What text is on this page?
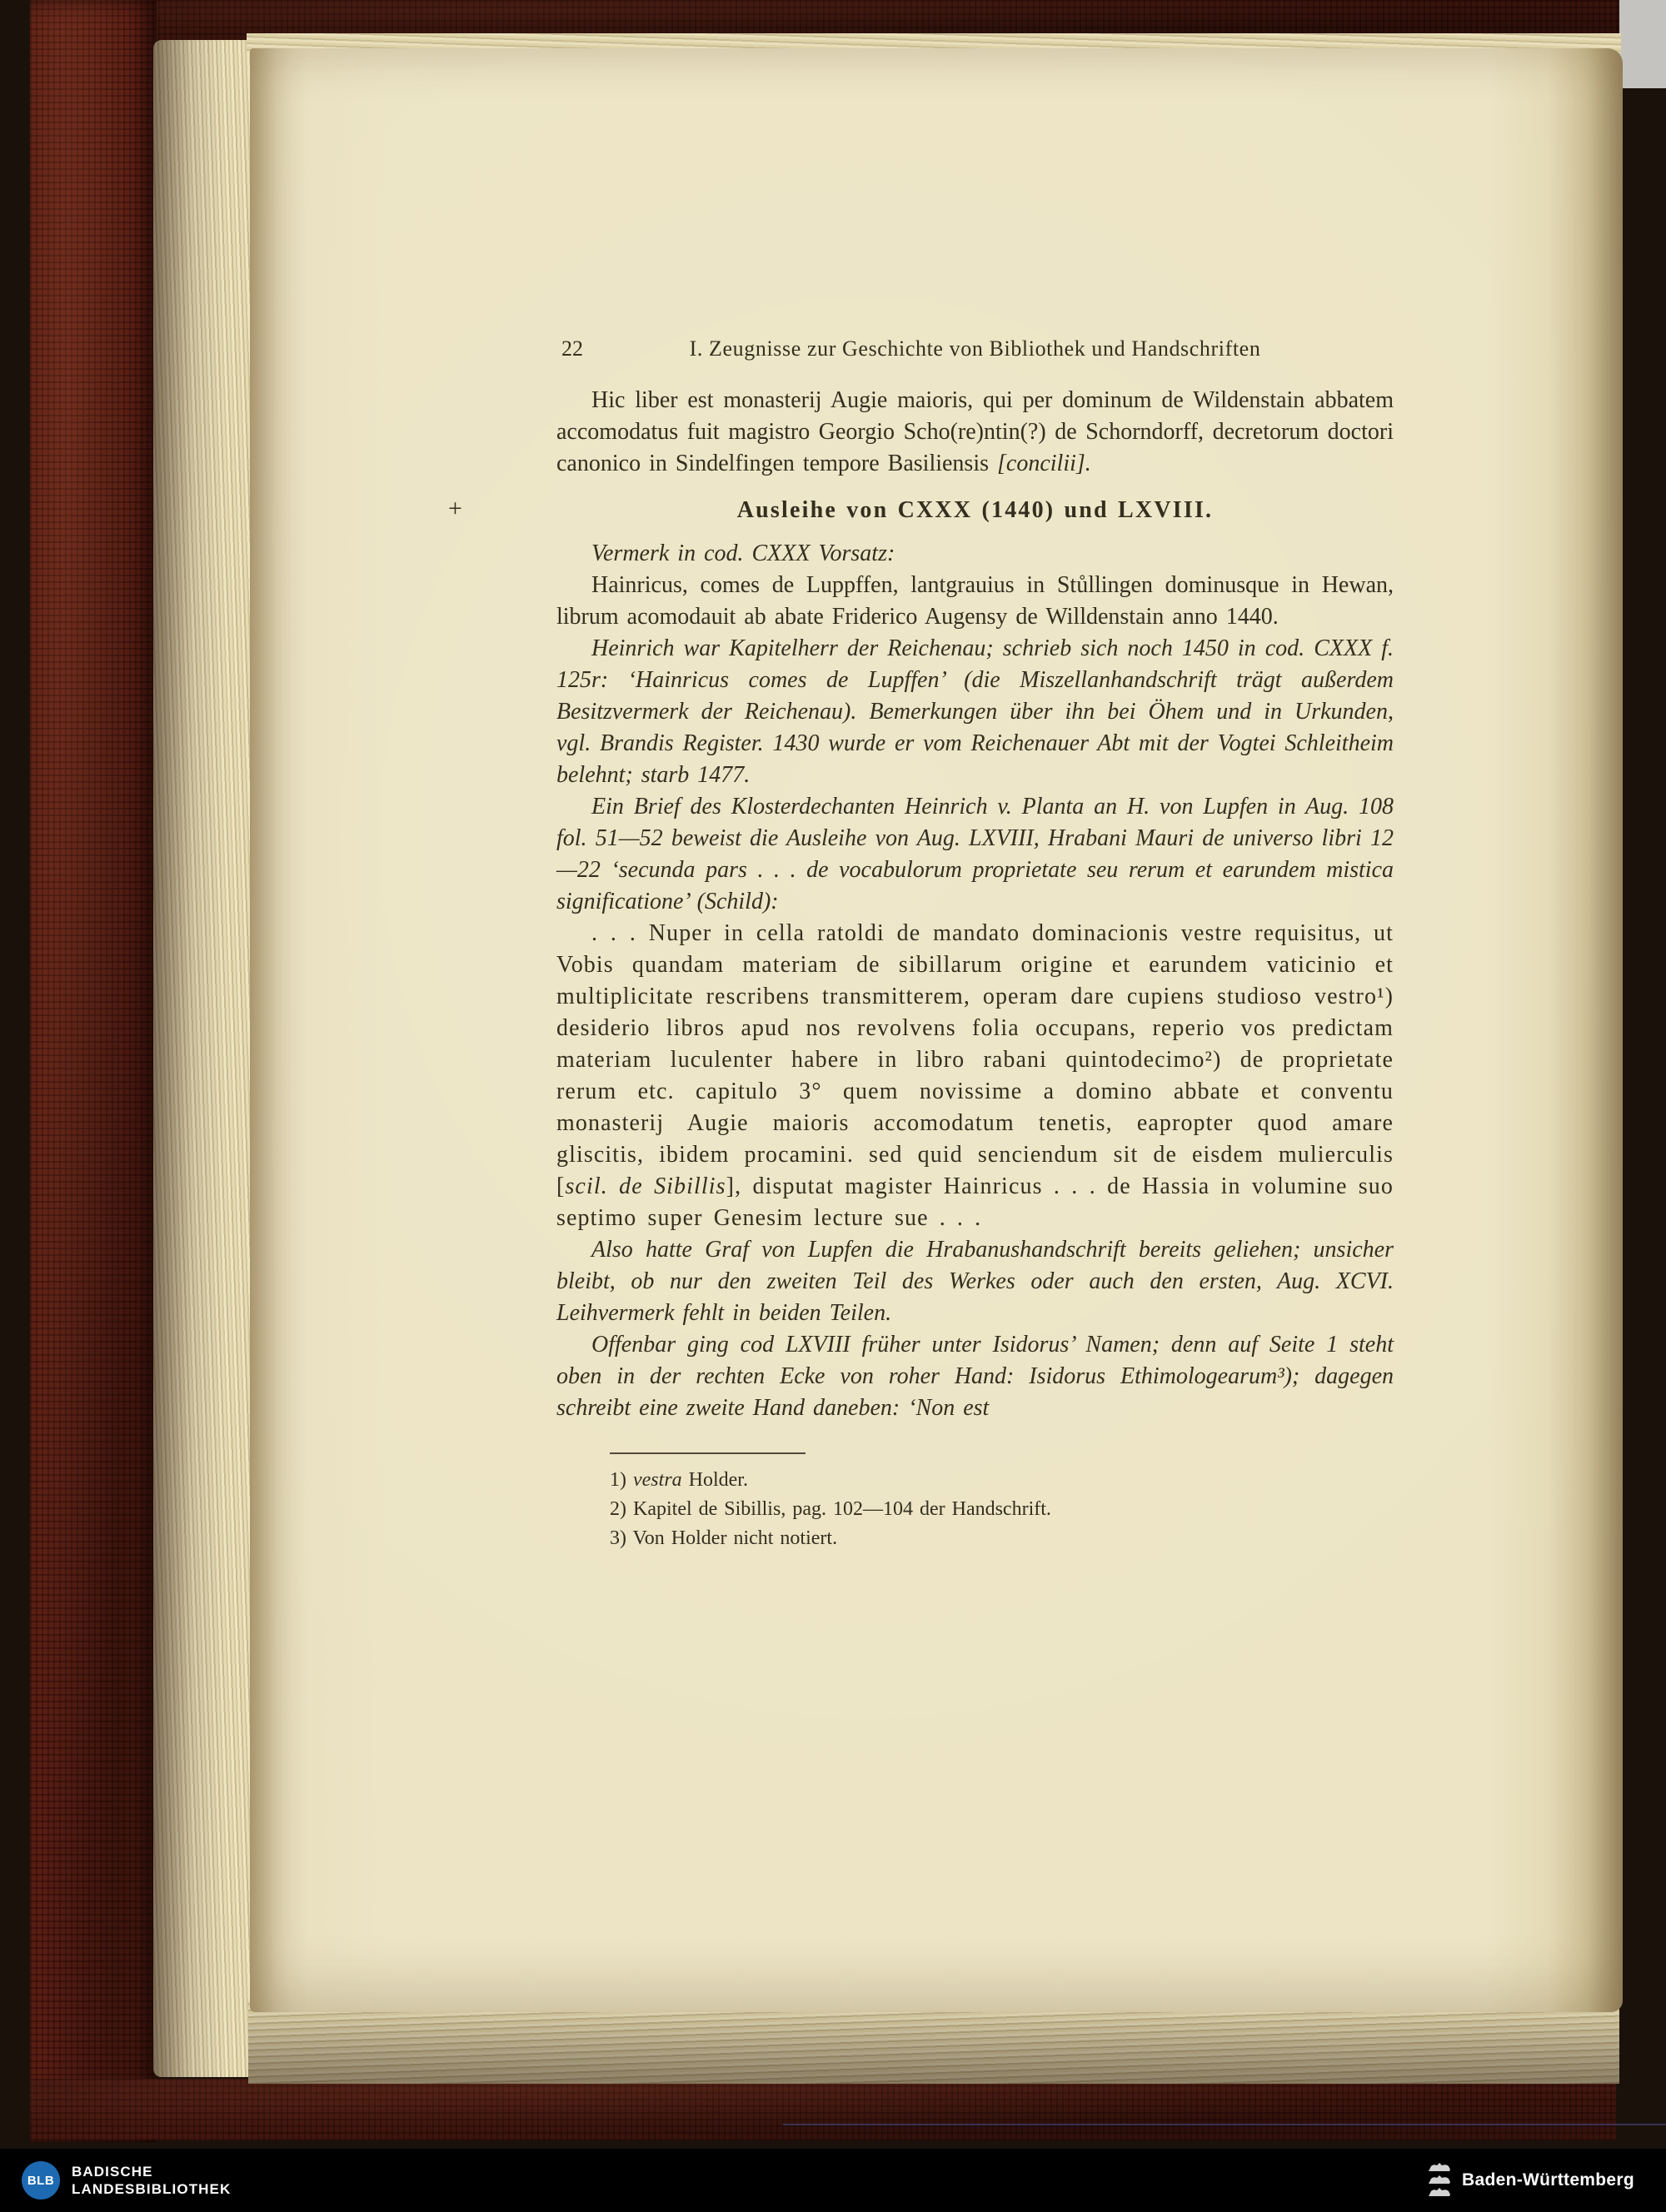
22	I. Zeugnisse zur Geschichte von Bibliothek und Handschriften

Hic liber est monasterij Augie maioris, qui per dominum de Wildenstain abbatem accomodatus fuit magistro Georgio Scho(re)ntin(?) de Schorndorff, decretorum doctori canonico in Sindelfingen tempore Basiliensis [concilii].

+	Ausleihe von CXXX (1440) und LXVIII.

Vermerk in cod. CXXX Vorsatz:

Hainricus, comes de Luppffen, lantgrauius in Stůllingen dominusque in Hewan, librum acomodauit ab abate Friderico Augensy de Willdenstain anno 1440.

Heinrich war Kapitelherr der Reichenau; schrieb sich noch 1450 in cod. CXXX f. 125r: ‘Hainricus comes de Lupffen’ (die Miszellanhandschrift trägt außerdem Besitzvermerk der Reichenau). Bemerkungen über ihn bei Öhem und in Urkunden, vgl. Brandis Register. 1430 wurde er vom Reichenauer Abt mit der Vogtei Schleitheim belehnt; starb 1477.

Ein Brief des Klosterdechanten Heinrich v. Planta an H. von Lupfen in Aug. 108 fol. 51—52 beweist die Ausleihe von Aug. LXVIII, Hrabani Mauri de universo libri 12—22 ‘secunda pars . . . de vocabulorum proprietate seu rerum et earundem mistica significatione’ (Schild):

. . . Nuper in cella ratoldi de mandato dominacionis vestre requisitus, ut Vobis quandam materiam de sibillarum origine et earundem vaticinio et multiplicitate rescribens transmitterem, operam dare cupiens studioso vestro¹) desiderio libros apud nos revolvens folia occupans, reperio vos predictam materiam luculenter habere in libro rabani quintodecimo²) de proprietate rerum etc. capitulo 3° quem novissime a domino abbate et conventu monasterij Augie maioris accomodatum tenetis, eapropter quod amare gliscitis, ibidem procamini. sed quid senciendum sit de eisdem mulierculis [scil. de Sibillis], disputat magister Hainricus . . . de Hassia in volumine suo septimo super Genesim lecture sue . . .

Also hatte Graf von Lupfen die Hrabanushandschrift bereits geliehen; unsicher bleibt, ob nur den zweiten Teil des Werkes oder auch den ersten, Aug. XCVI. Leihvermerk fehlt in beiden Teilen.

Offenbar ging cod LXVIII früher unter Isidorus’ Namen; denn auf Seite 1 steht oben in der rechten Ecke von roher Hand: Isidorus Ethimologearum³); dagegen schreibt eine zweite Hand daneben: ‘Non est

1) vestra Holder.

2) Kapitel de Sibillis, pag. 102—104 der Handschrift.

3) Von Holder nicht notiert.

BLB
BADISCHE
LANDESBIBLIOTHEK	Baden-Württemberg
